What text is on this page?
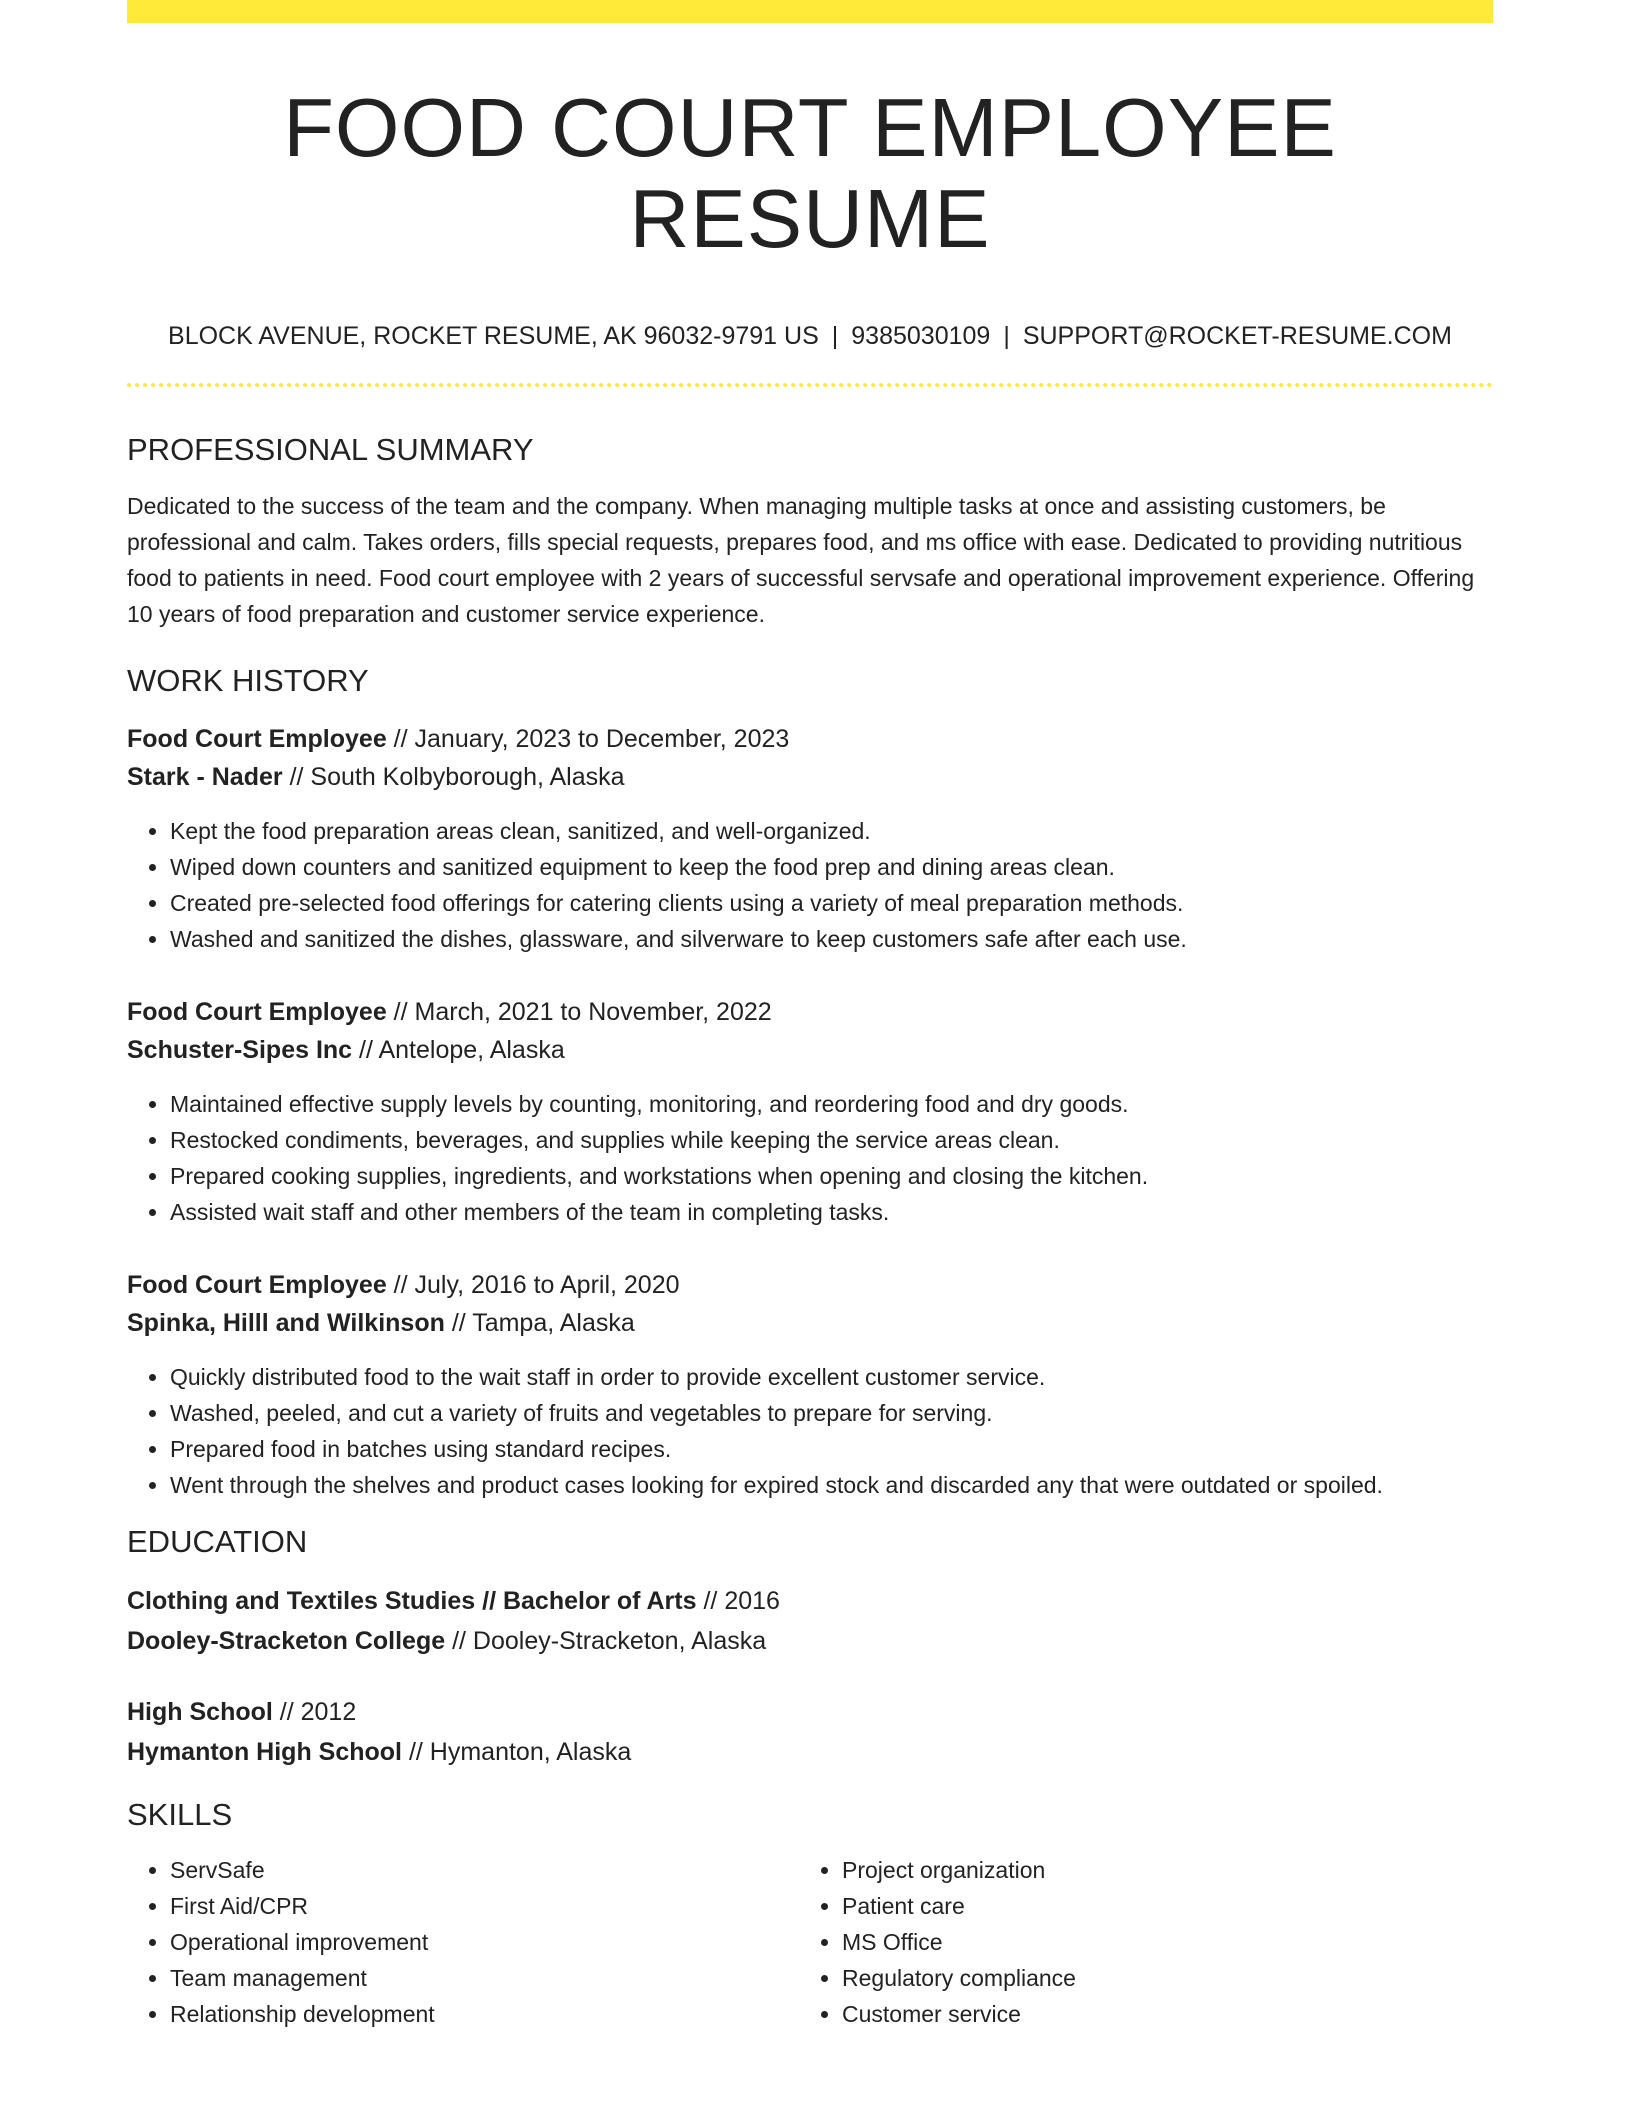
FOOD COURT EMPLOYEE RESUME
BLOCK AVENUE, ROCKET RESUME, AK 96032-9791 US | 9385030109 | SUPPORT@ROCKET-RESUME.COM
PROFESSIONAL SUMMARY
Dedicated to the success of the team and the company. When managing multiple tasks at once and assisting customers, be professional and calm. Takes orders, fills special requests, prepares food, and ms office with ease. Dedicated to providing nutritious food to patients in need. Food court employee with 2 years of successful servsafe and operational improvement experience. Offering 10 years of food preparation and customer service experience.
WORK HISTORY

Food Court Employee // January, 2023 to December, 2023

Stark - Nader // South Kolbyborough, Alaska

• Kept the food preparation areas clean, sanitized, and well-organized.
• Wiped down counters and sanitized equipment to keep the food prep and dining areas clean.
• Created pre-selected food offerings for catering clients using a variety of meal preparation methods.
• Washed and sanitized the dishes, glassware, and silverware to keep customers safe after each use.

Food Court Employee // March, 2021 to November, 2022

Schuster-Sipes Inc // Antelope, Alaska

• Maintained effective supply levels by counting, monitoring, and reordering food and dry goods.
• Restocked condiments, beverages, and supplies while keeping the service areas clean.
• Prepared cooking supplies, ingredients, and workstations when opening and closing the kitchen.
• Assisted wait staff and other members of the team in completing tasks.

Food Court Employee // July, 2016 to April, 2020

Spinka, Hilll and Wilkinson // Tampa, Alaska

• Quickly distributed food to the wait staff in order to provide excellent customer service.
• Washed, peeled, and cut a variety of fruits and vegetables to prepare for serving.
• Prepared food in batches using standard recipes.
• Went through the shelves and product cases looking for expired stock and discarded any that were outdated or spoiled.
EDUCATION

Clothing and Textiles Studies // Bachelor of Arts // 2016

Dooley-Stracketon College // Dooley-Stracketon, Alaska

High School // 2012

Hymanton High School // Hymanton, Alaska

SKILLS
• ServSafe
• First Aid/CPR
• Operational improvement
• Team management
• Relationship development
• Project organization
• Patient care
• MS Office
• Regulatory compliance
• Customer service
